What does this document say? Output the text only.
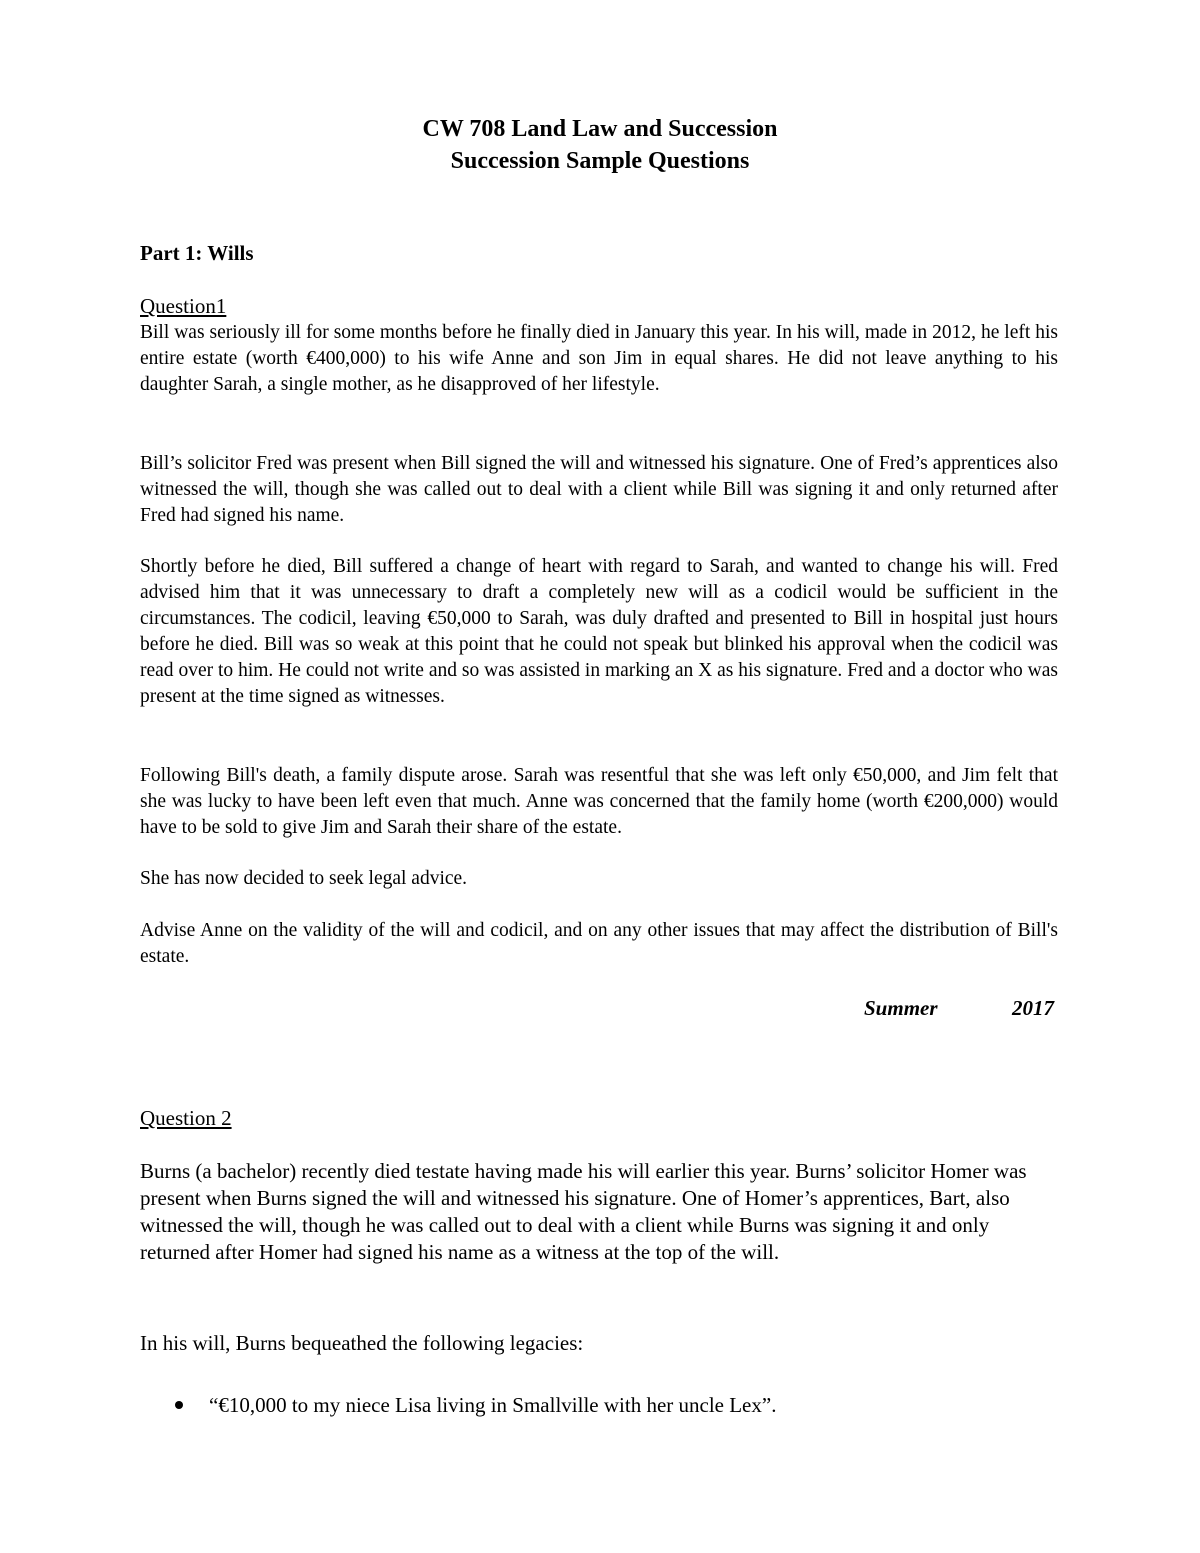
CW 708 Land Law and Succession
Succession Sample Questions
Part 1: Wills
Question1

Bill was seriously ill for some months before he finally died in January this year. In his will, made in 2012, he left his entire estate (worth €400,000) to his wife Anne and son Jim in equal shares. He did not leave anything to his daughter Sarah, a single mother, as he disapproved of her lifestyle.

Bill’s solicitor Fred was present when Bill signed the will and witnessed his signature. One of Fred’s apprentices also witnessed the will, though she was called out to deal with a client while Bill was signing it and only returned after Fred had signed his name.

Shortly before he died, Bill suffered a change of heart with regard to Sarah, and wanted to change his will. Fred advised him that it was unnecessary to draft a completely new will as a codicil would be sufficient in the circumstances. The codicil, leaving €50,000 to Sarah, was duly drafted and presented to Bill in hospital just hours before he died. Bill was so weak at this point that he could not speak but blinked his approval when the codicil was read over to him. He could not write and so was assisted in marking an X as his signature. Fred and a doctor who was present at the time signed as witnesses.

Following Bill's death, a family dispute arose. Sarah was resentful that she was left only €50,000, and Jim felt that she was lucky to have been left even that much. Anne was concerned that the family home (worth €200,000) would have to be sold to give Jim and Sarah their share of the estate.

She has now decided to seek legal advice.

Advise Anne on the validity of the will and codicil, and on any other issues that may affect the distribution of Bill's estate.

Summer	2017
Question 2

Burns (a bachelor) recently died testate having made his will earlier this year. Burns’ solicitor Homer was present when Burns signed the will and witnessed his signature. One of Homer’s apprentices, Bart, also witnessed the will, though he was called out to deal with a client while Burns was signing it and only returned after Homer had signed his name as a witness at the top of the will.

In his will, Burns bequeathed the following legacies:

“€10,000 to my niece Lisa living in Smallville with her uncle Lex”.
